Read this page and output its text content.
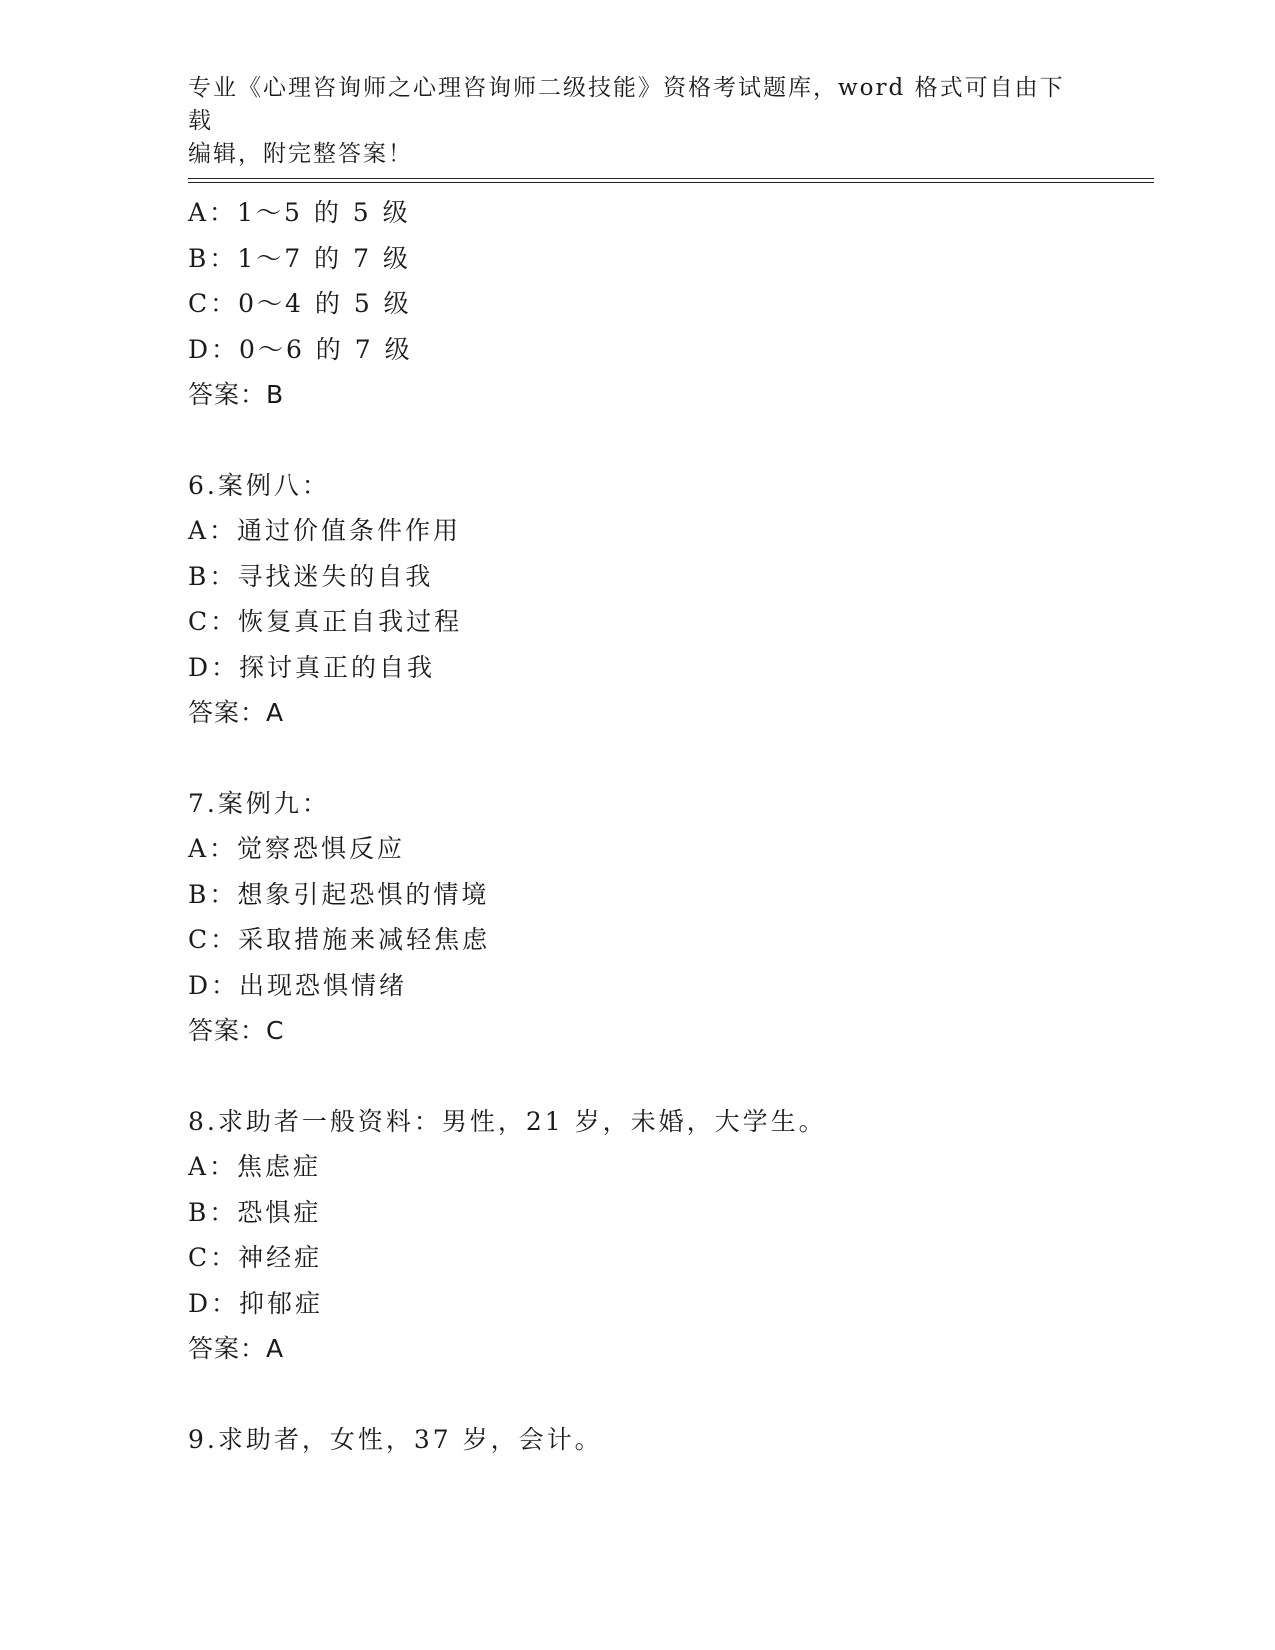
专业《心理咨询师之心理咨询师二级技能》资格考试题库，word 格式可自由下载
编辑，附完整答案！
A：1～5 的 5 级
B：1～7 的 7 级
C：0～4 的 5 级
D：0～6 的 7 级
答案：B
6.案例八：
A：通过价值条件作用
B：寻找迷失的自我
C：恢复真正自我过程
D：探讨真正的自我
答案：A
7.案例九：
A：觉察恐惧反应
B：想象引起恐惧的情境
C：采取措施来减轻焦虑
D：出现恐惧情绪
答案：C
8.求助者一般资料：男性，21 岁，未婚，大学生。
A：焦虑症
B：恐惧症
C：神经症
D：抑郁症
答案：A
9.求助者，女性，37 岁，会计。
